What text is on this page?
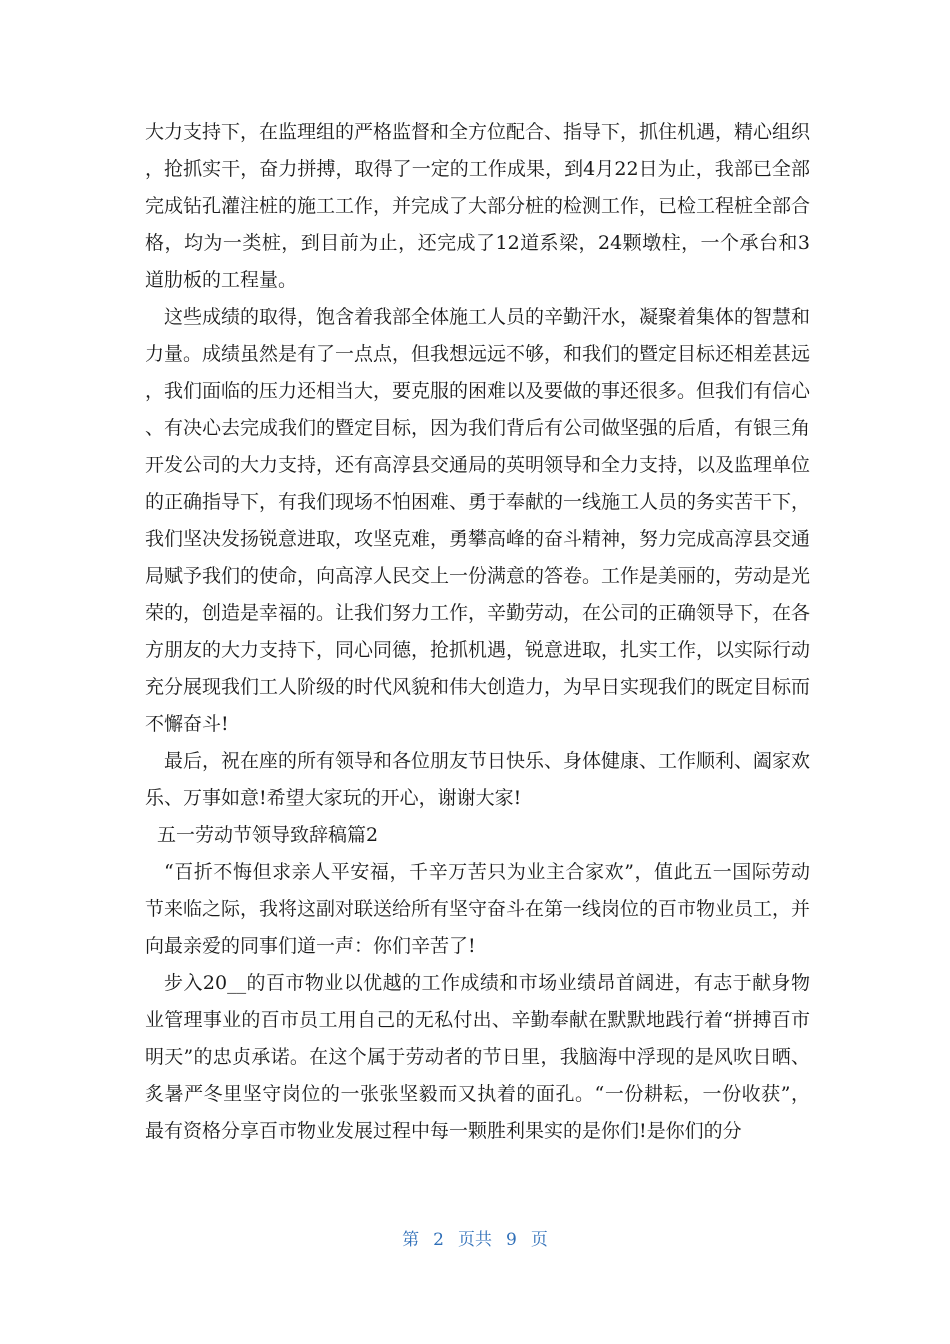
大力支持下，在监理组的严格监督和全方位配合、指导下，抓住机遇，精心组织，抢抓实干，奋力拼搏，取得了一定的工作成果，到4月22日为止，我部已全部完成钻孔灌注桩的施工工作，并完成了大部分桩的检测工作，已检工程桩全部合格，均为一类桩，到目前为止，还完成了12道系梁，24颗墩柱，一个承台和3道肋板的工程量。

这些成绩的取得，饱含着我部全体施工人员的辛勤汗水，凝聚着集体的智慧和力量。成绩虽然是有了一点点，但我想远远不够，和我们的暨定目标还相差甚远，我们面临的压力还相当大，要克服的困难以及要做的事还很多。但我们有信心、有决心去完成我们的暨定目标，因为我们背后有公司做坚强的后盾，有银三角开发公司的大力支持，还有高淳县交通局的英明领导和全力支持，以及监理单位的正确指导下，有我们现场不怕困难、勇于奉献的一线施工人员的务实苦干下，我们坚决发扬锐意进取，攻坚克难，勇攀高峰的奋斗精神，努力完成高淳县交通局赋予我们的使命，向高淳人民交上一份满意的答卷。工作是美丽的，劳动是光荣的，创造是幸福的。让我们努力工作，辛勤劳动，在公司的正确领导下，在各方朋友的大力支持下，同心同德，抢抓机遇，锐意进取，扎实工作，以实际行动充分展现我们工人阶级的时代风貌和伟大创造力，为早日实现我们的既定目标而不懈奋斗!

最后，祝在座的所有领导和各位朋友节日快乐、身体健康、工作顺利、阖家欢乐、万事如意!希望大家玩的开心，谢谢大家!

五一劳动节领导致辞稿篇2

“百折不悔但求亲人平安福，千辛万苦只为业主合家欢”，值此五一国际劳动节来临之际，我将这副对联送给所有坚守奋斗在第一线岗位的百市物业员工，并向最亲爱的同事们道一声：你们辛苦了!

步入20__的百市物业以优越的工作成绩和市场业绩昂首阔进，有志于献身物业管理事业的百市员工用自己的无私付出、辛勤奉献在默默地践行着“拼搏百市明天”的忠贞承诺。在这个属于劳动者的节日里，我脑海中浮现的是风吹日晒、炙暑严冬里坚守岗位的一张张坚毅而又执着的面孔。“一份耕耘，一份收获”，最有资格分享百市物业发展过程中每一颗胜利果实的是你们!是你们的分

第 2 页共 9 页
